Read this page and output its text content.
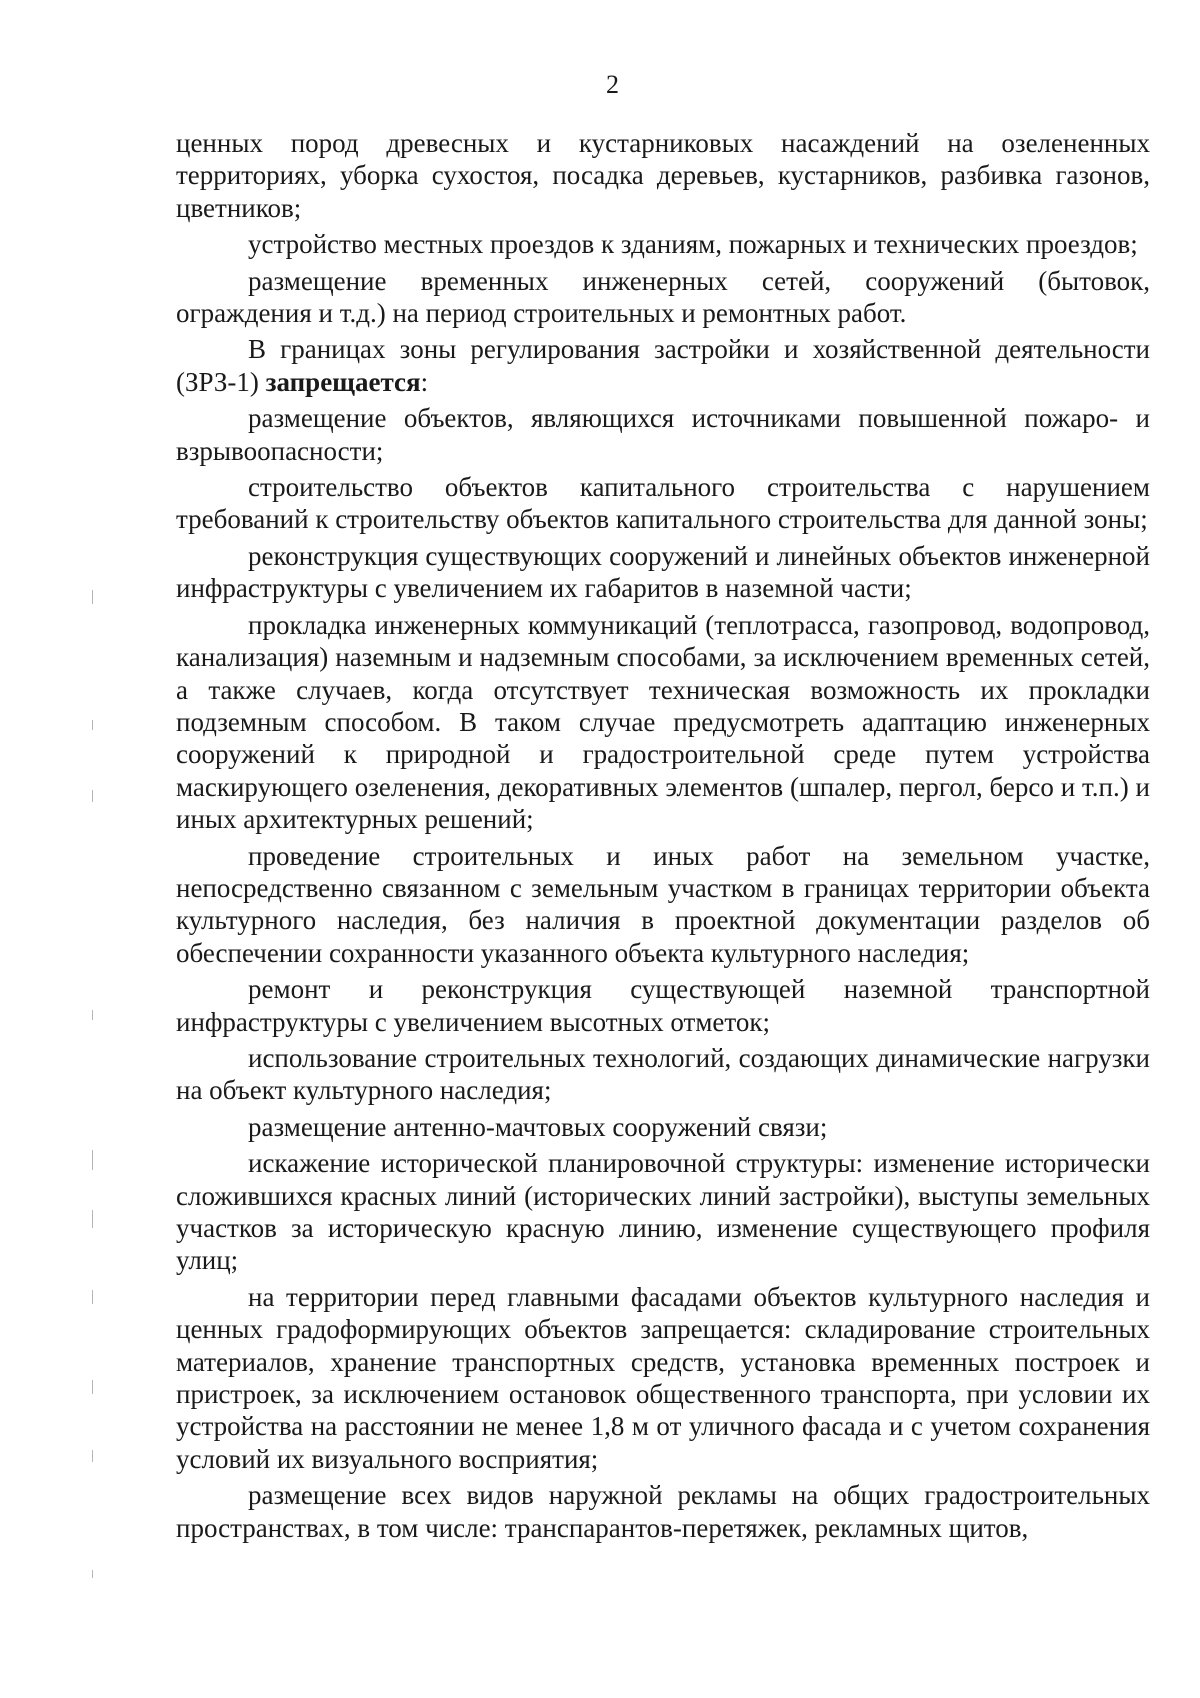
2

ценных пород древесных и кустарниковых насаждений на озелененных территориях, уборка сухостоя, посадка деревьев, кустарников, разбивка газонов, цветников;

устройство местных проездов к зданиям, пожарных и технических проездов;

размещение временных инженерных сетей, сооружений (бытовок, ограждения и т.д.) на период строительных и ремонтных работ.

В границах зоны регулирования застройки и хозяйственной деятельности (ЗРЗ-1) запрещается:

размещение объектов, являющихся источниками повышенной пожаро- и взрывоопасности;

строительство объектов капитального строительства с нарушением требований к строительству объектов капитального строительства для данной зоны;

реконструкция существующих сооружений и линейных объектов инженерной инфраструктуры с увеличением их габаритов в наземной части;

прокладка инженерных коммуникаций (теплотрасса, газопровод, водопровод, канализация) наземным и надземным способами, за исключением временных сетей, а также случаев, когда отсутствует техническая возможность их прокладки подземным способом. В таком случае предусмотреть адаптацию инженерных сооружений к природной и градостроительной среде путем устройства маскирующего озеленения, декоративных элементов (шпалер, пергол, берсо и т.п.) и иных архитектурных решений;

проведение строительных и иных работ на земельном участке, непосредственно связанном с земельным участком в границах территории объекта культурного наследия, без наличия в проектной документации разделов об обеспечении сохранности указанного объекта культурного наследия;

ремонт и реконструкция существующей наземной транспортной инфраструктуры с увеличением высотных отметок;

использование строительных технологий, создающих динамические нагрузки на объект культурного наследия;

размещение антенно-мачтовых сооружений связи;

искажение исторической планировочной структуры: изменение исторически сложившихся красных линий (исторических линий застройки), выступы земельных участков за историческую красную линию, изменение существующего профиля улиц;

на территории перед главными фасадами объектов культурного наследия и ценных градоформирующих объектов запрещается: складирование строительных материалов, хранение транспортных средств, установка временных построек и пристроек, за исключением остановок общественного транспорта, при условии их устройства на расстоянии не менее 1,8 м от уличного фасада и с учетом сохранения условий их визуального восприятия;

размещение всех видов наружной рекламы на общих градостроительных пространствах, в том числе: транспарантов-перетяжек, рекламных щитов,
